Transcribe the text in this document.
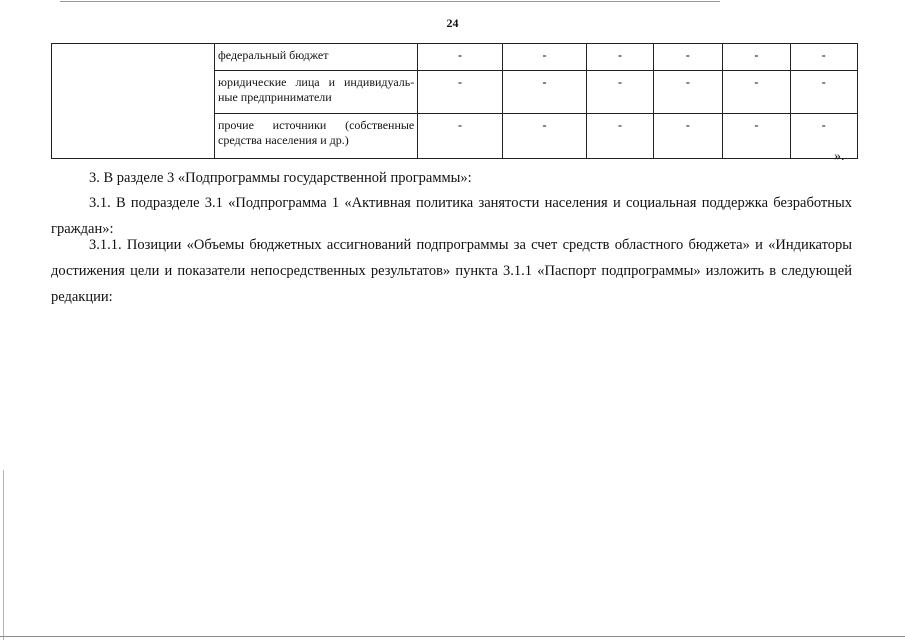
24
	федеральный бюджет	-	-	-	-	-	-
	юридические лица и индивидуаль-ные предприниматели	-	-	-	-	-	-
	прочие источники (собственные средства населения и др.)	-	-	-	-	-	-
».

3. В разделе 3 «Подпрограммы государственной программы»:

3.1. В подразделе 3.1 «Подпрограмма 1 «Активная политика занятости населения и социальная поддержка безработных граждан»:

3.1.1. Позиции «Объемы бюджетных ассигнований подпрограммы за счет средств областного бюджета» и «Индикаторы достижения цели и показатели непосредственных результатов» пункта 3.1.1 «Паспорт подпрограммы» изложить в следующей редакции:
